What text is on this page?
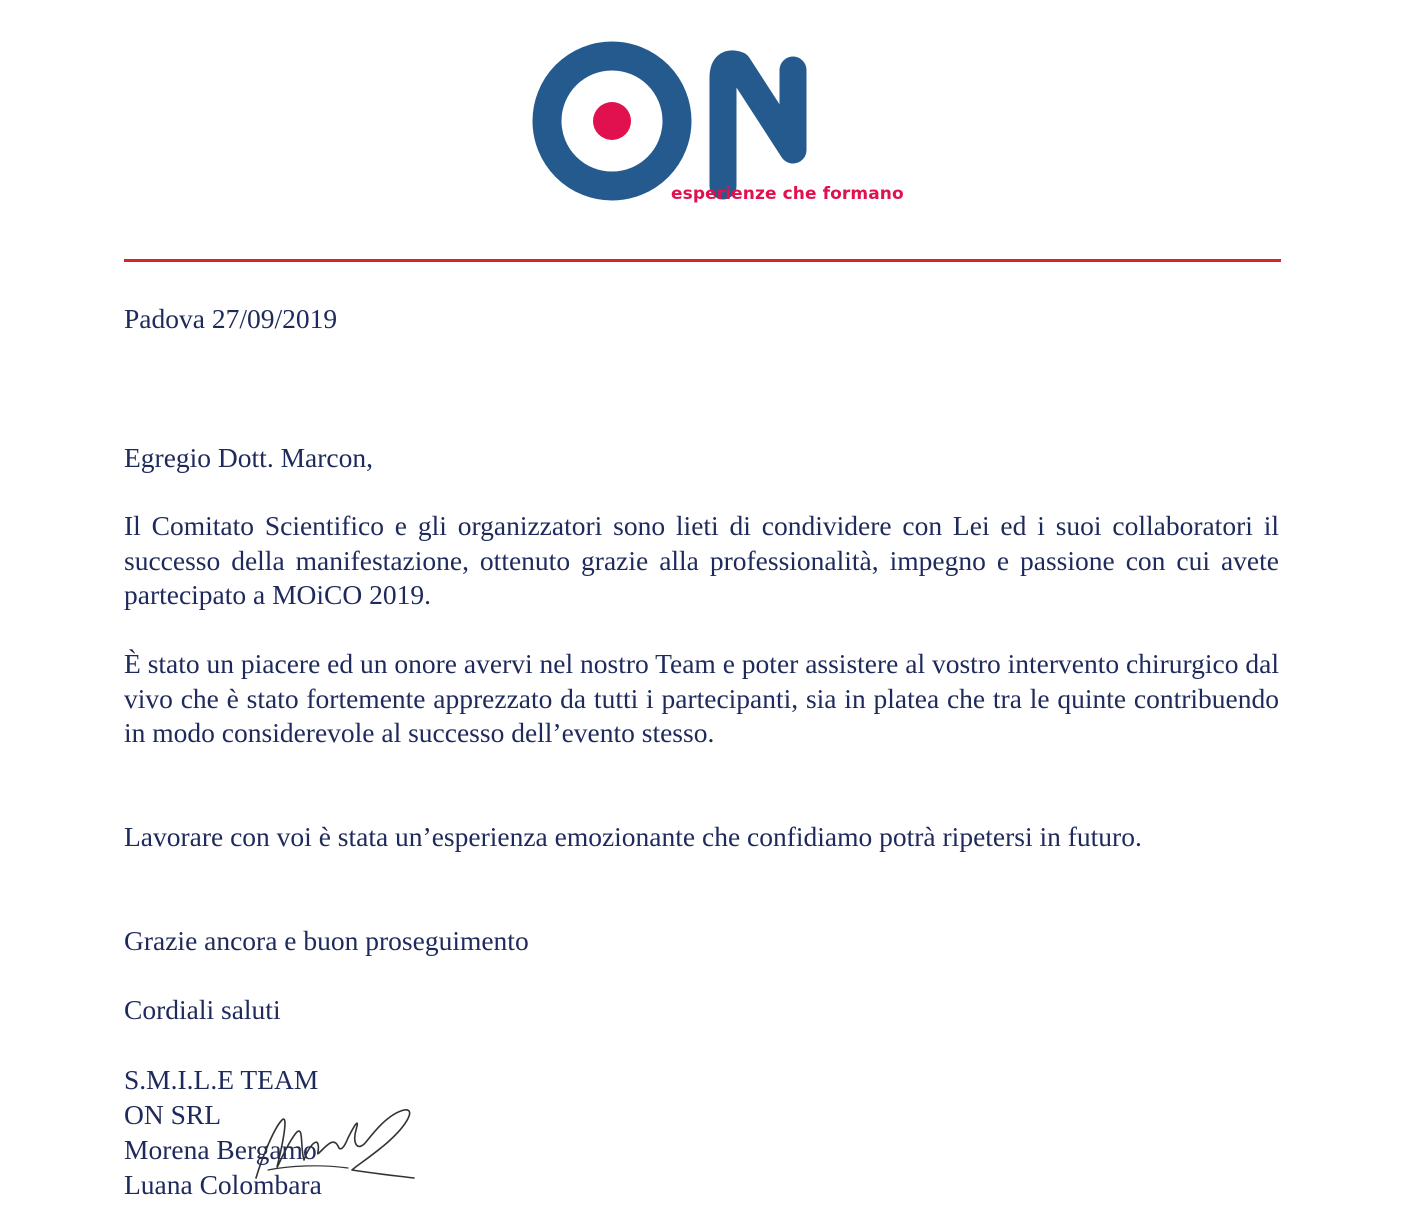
esperienze che formano
Padova 27/09/2019
Egregio Dott. Marcon,
Il Comitato Scientifico e gli organizzatori sono lieti di condividere con Lei ed i suoi collaboratori il successo della manifestazione, ottenuto grazie alla professionalità, impegno e passione con cui avete partecipato a MOiCO 2019.
È stato un piacere ed un onore avervi nel nostro Team e poter assistere al vostro intervento chirurgico dal vivo che è stato fortemente apprezzato da tutti i partecipanti, sia in platea che tra le quinte contribuendo in modo considerevole al successo dell’evento stesso.
Lavorare con voi è stata un’esperienza emozionante che confidiamo potrà ripetersi in futuro.
Grazie ancora e buon proseguimento
Cordiali saluti
S.M.I.L.E TEAM
ON SRL
Morena Bergamo
Luana Colombara
